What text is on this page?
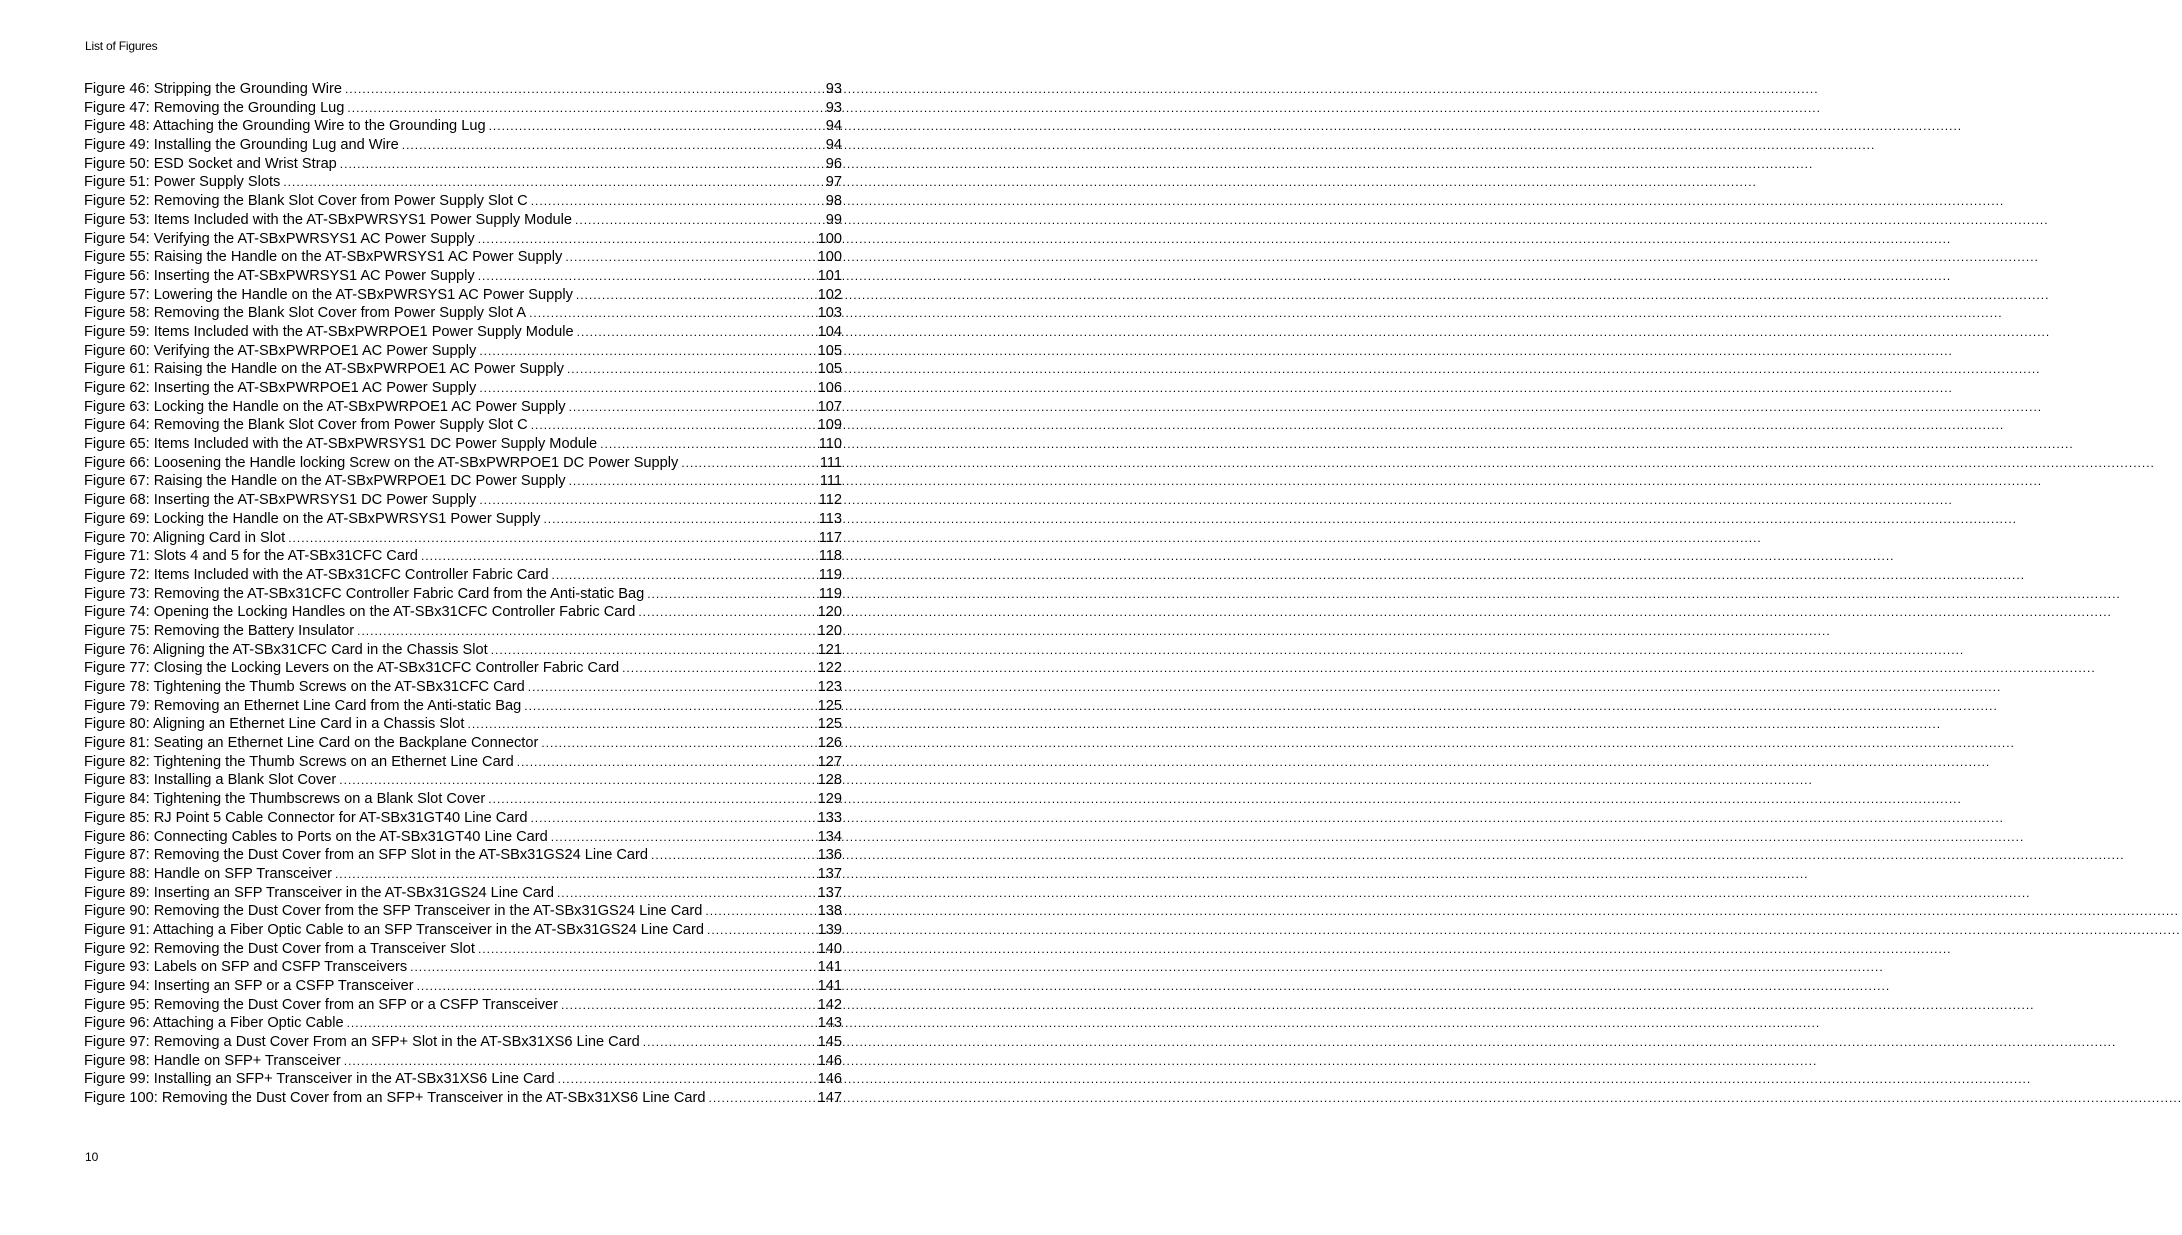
List of Figures
Figure 46: Stripping the Grounding Wire .....	93
Figure 47: Removing the Grounding Lug .....	93
Figure 48: Attaching the Grounding Wire to the Grounding Lug .....	94
Figure 49: Installing the Grounding Lug and Wire .....	94
Figure 50: ESD Socket and Wrist Strap .....	96
Figure 51: Power Supply Slots .....	97
Figure 52: Removing the Blank Slot Cover from Power Supply Slot C .....	98
Figure 53: Items Included with the AT-SBxPWRSYS1 Power Supply Module .....	99
Figure 54: Verifying the AT-SBxPWRSYS1 AC Power Supply .....	100
Figure 55: Raising the Handle on the AT-SBxPWRSYS1 AC Power Supply .....	100
Figure 56: Inserting the AT-SBxPWRSYS1 AC Power Supply .....	101
Figure 57: Lowering the Handle on the AT-SBxPWRSYS1 AC Power Supply .....	102
Figure 58: Removing the Blank Slot Cover from Power Supply Slot A .....	103
Figure 59: Items Included with the AT-SBxPWRPOE1 Power Supply Module .....	104
Figure 60: Verifying the AT-SBxPWRPOE1 AC Power Supply .....	105
Figure 61: Raising the Handle on the AT-SBxPWRPOE1 AC Power Supply .....	105
Figure 62: Inserting the AT-SBxPWRPOE1 AC Power Supply .....	106
Figure 63: Locking the Handle on the AT-SBxPWRPOE1 AC Power Supply .....	107
Figure 64: Removing the Blank Slot Cover from Power Supply Slot C .....	109
Figure 65: Items Included with the AT-SBxPWRSYS1 DC Power Supply Module .....	110
Figure 66: Loosening the Handle locking Screw on the AT-SBxPWRPOE1 DC Power Supply .....	111
Figure 67: Raising the Handle on the AT-SBxPWRPOE1 DC Power Supply .....	111
Figure 68: Inserting the AT-SBxPWRSYS1 DC Power Supply .....	112
Figure 69: Locking the Handle on the AT-SBxPWRSYS1 Power Supply .....	113
Figure 70: Aligning Card in Slot .....	117
Figure 71: Slots 4 and 5 for the AT-SBx31CFC Card .....	118
Figure 72: Items Included with the AT-SBx31CFC Controller Fabric Card .....	119
Figure 73: Removing the AT-SBx31CFC Controller Fabric Card from the Anti-static Bag .....	119
Figure 74: Opening the Locking Handles on the AT-SBx31CFC Controller Fabric Card .....	120
Figure 75: Removing the Battery Insulator .....	120
Figure 76: Aligning the AT-SBx31CFC Card in the Chassis Slot .....	121
Figure 77: Closing the Locking Levers on the AT-SBx31CFC Controller Fabric Card .....	122
Figure 78: Tightening the Thumb Screws on the AT-SBx31CFC Card .....	123
Figure 79: Removing an Ethernet Line Card from the Anti-static Bag .....	125
Figure 80: Aligning an Ethernet Line Card in a Chassis Slot .....	125
Figure 81: Seating an Ethernet Line Card on the Backplane Connector .....	126
Figure 82: Tightening the Thumb Screws on an Ethernet Line Card .....	127
Figure 83: Installing a Blank Slot Cover .....	128
Figure 84: Tightening the Thumbscrews on a Blank Slot Cover .....	129
Figure 85: RJ Point 5 Cable Connector for AT-SBx31GT40 Line Card .....	133
Figure 86: Connecting Cables to Ports on the AT-SBx31GT40 Line Card .....	134
Figure 87: Removing the Dust Cover from an SFP Slot in the AT-SBx31GS24 Line Card .....	136
Figure 88: Handle on SFP Transceiver .....	137
Figure 89: Inserting an SFP Transceiver in the AT-SBx31GS24 Line Card .....	137
Figure 90: Removing the Dust Cover from the SFP Transceiver in the AT-SBx31GS24 Line Card .....	138
Figure 91: Attaching a Fiber Optic Cable to an SFP Transceiver in the AT-SBx31GS24 Line Card .....	139
Figure 92: Removing the Dust Cover from a Transceiver Slot .....	140
Figure 93: Labels on SFP and CSFP Transceivers .....	141
Figure 94: Inserting an SFP or a CSFP Transceiver .....	141
Figure 95: Removing the Dust Cover from an SFP or a CSFP Transceiver .....	142
Figure 96: Attaching a Fiber Optic Cable .....	143
Figure 97: Removing a Dust Cover From an SFP+ Slot in the AT-SBx31XS6 Line Card .....	145
Figure 98: Handle on SFP+ Transceiver .....	146
Figure 99: Installing an SFP+ Transceiver in the AT-SBx31XS6 Line Card .....	146
Figure 100: Removing the Dust Cover from an SFP+ Transceiver in the AT-SBx31XS6 Line Card .....	147
10
